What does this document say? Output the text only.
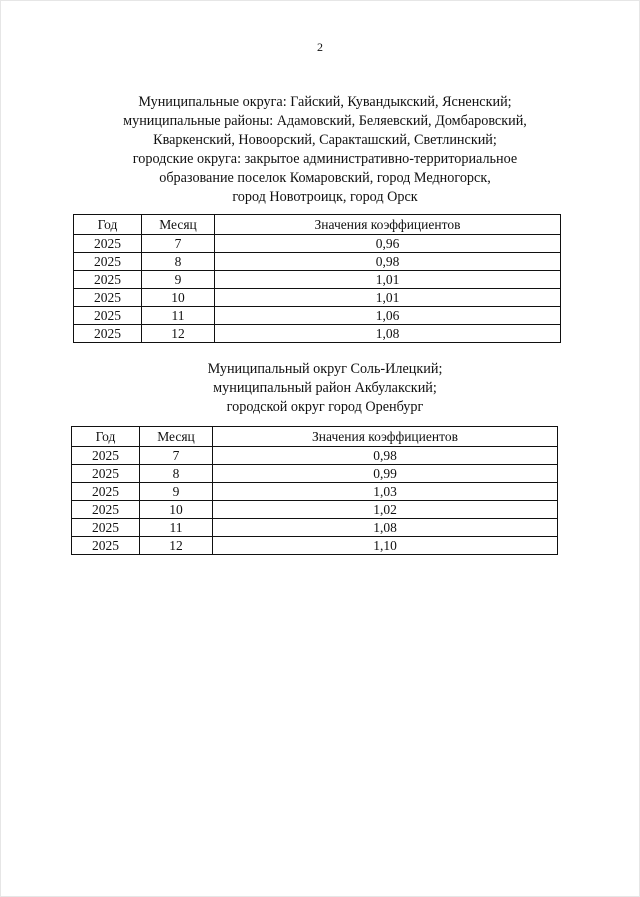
2
Муниципальные округа: Гайский, Кувандыкский, Ясненский;
муниципальные районы: Адамовский, Беляевский, Домбаровский,
Кваркенский, Новоорский, Саракташский, Светлинский;
городские округа: закрытое административно-территориальное
образование поселок Комаровский, город Медногорск,
город Новотроицк, город Орск
Год	Месяц	Значения коэффициентов
2025	7	0,96
2025	8	0,98
2025	9	1,01
2025	10	1,01
2025	11	1,06
2025	12	1,08
Муниципальный округ Соль-Илецкий;
муниципальный район Акбулакский;
городской округ город Оренбург
Год	Месяц	Значения коэффициентов
2025	7	0,98
2025	8	0,99
2025	9	1,03
2025	10	1,02
2025	11	1,08
2025	12	1,10
